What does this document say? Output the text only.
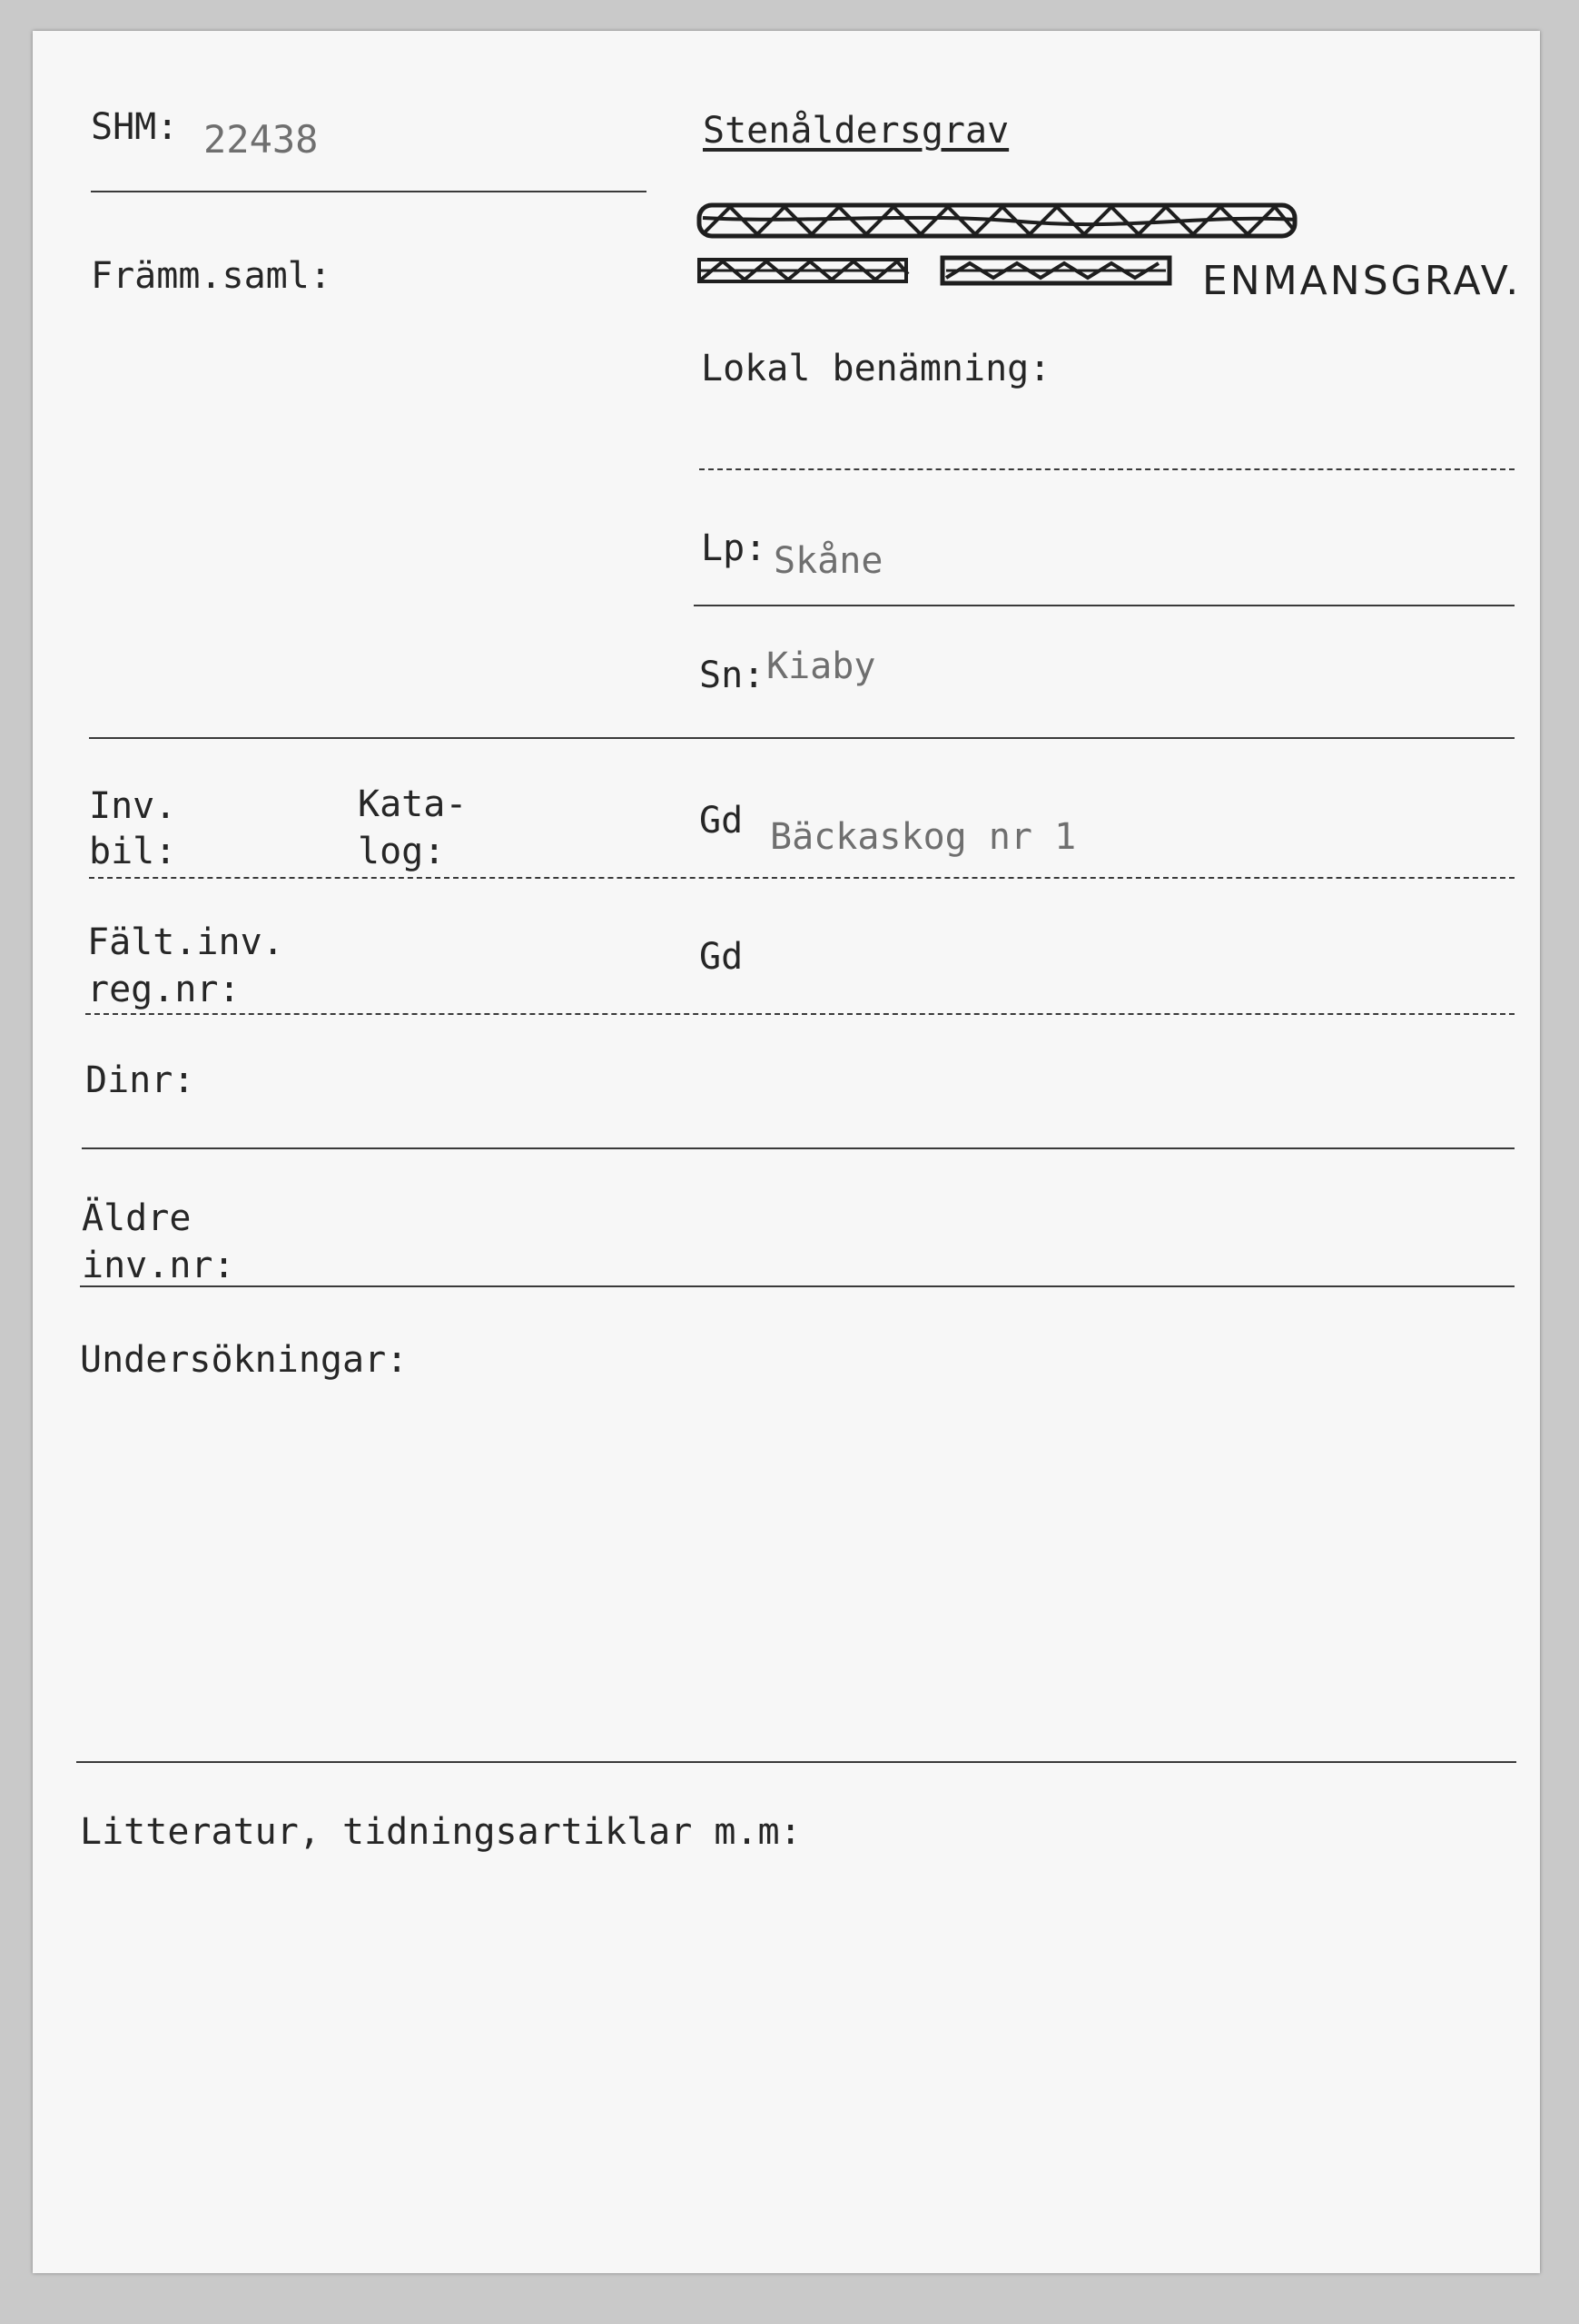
SHM: 22438	Stenåldersgrav
ENMANSGRAV.
Främm.saml:
Lokal benämning:
Lp: Skåne
Sn: Kiaby
Inv.
bil:
Kata-
log:
Gd Bäckaskog nr 1
Fält.inv.
reg.nr:
Gd
Dinr:
Äldre
inv.nr:
Undersökningar:
Litteratur, tidningsartiklar m.m:
